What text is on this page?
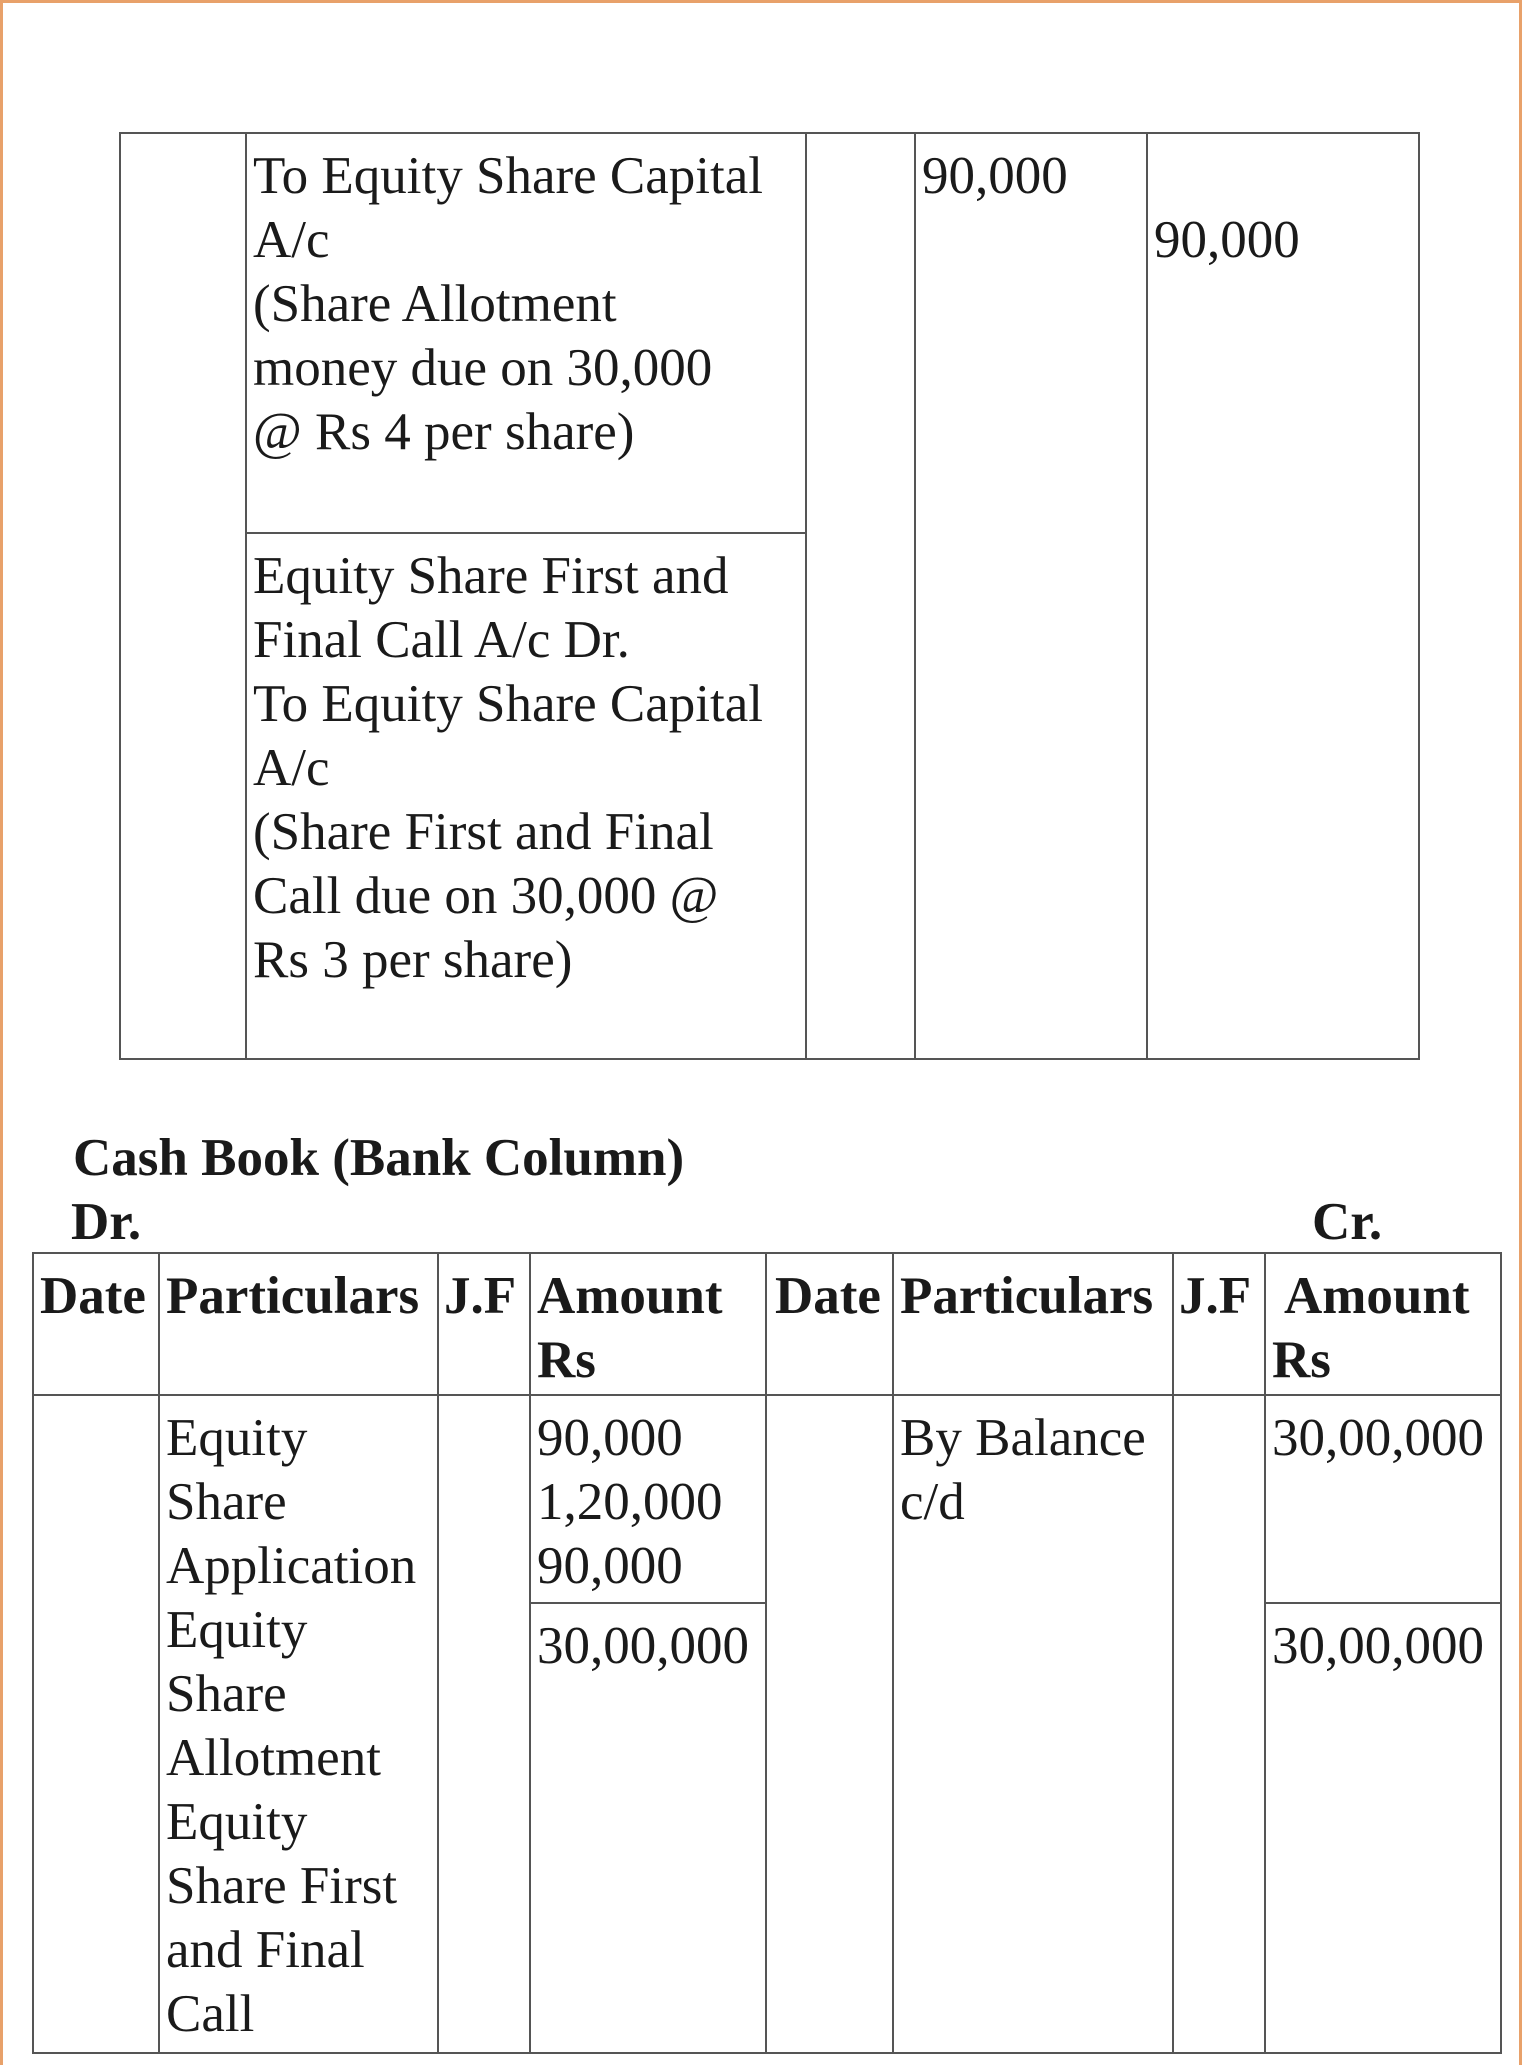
To Equity Share Capital
A/c
(Share Allotment
money due on 30,000
@ Rs 4 per share)
90,000
90,000
Equity Share First and
Final Call A/c Dr.
To Equity Share Capital
A/c
(Share First and Final
Call due on 30,000 @
Rs 3 per share)
Cash Book (Bank Column)
Dr.	Cr.
Date Particulars J.F Amount
Rs
Date Particulars J.F Amount
Rs
Equity
Share
Application
Equity
Share
Allotment
Equity
Share First
and Final
Call
90,000
1,20,000
90,000
30,00,000
By Balance
c/d
30,00,000
30,00,000
